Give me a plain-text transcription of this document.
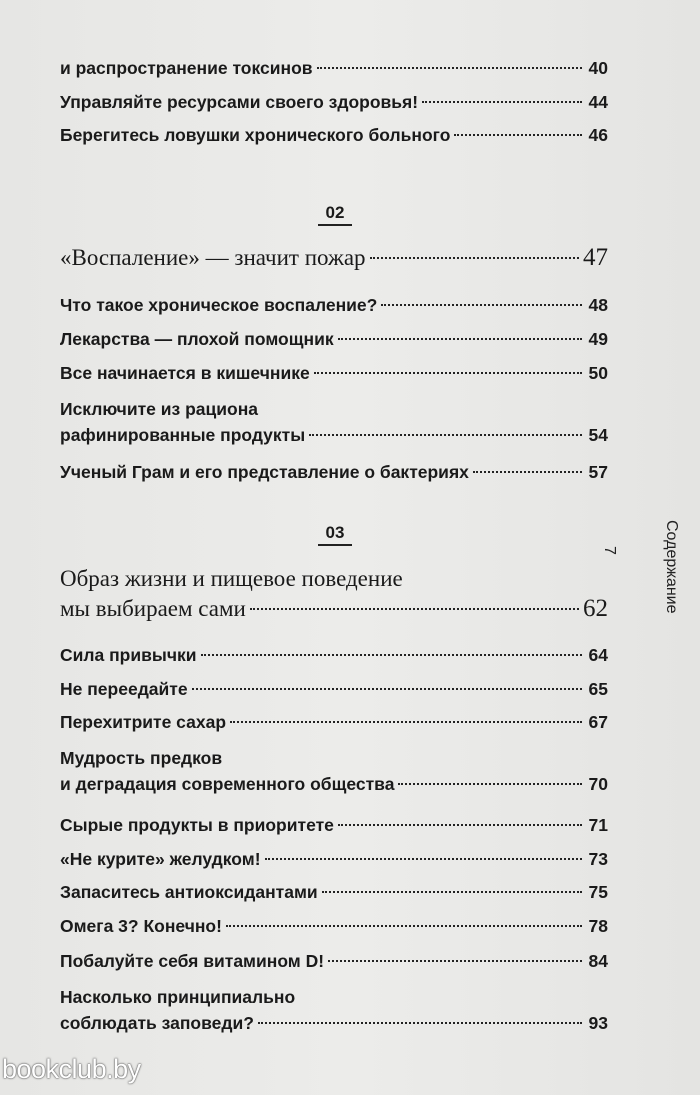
и распространение токсинов	40
Управляйте ресурсами своего здоровья!	44
Берегитесь ловушки хронического больного	46
02
«Воспаление» — значит пожар	47
Что такое хроническое воспаление?	48
Лекарства — плохой помощник	49
Все начинается в кишечнике	50
Исключите из рациона
рафинированные продукты	54
Ученый Грам и его представление о бактериях	57
03
Образ жизни и пищевое поведение
мы выбираем сами	62
Сила привычки	64
Не переедайте	65
Перехитрите сахар	67
Мудрость предков
и деградация современного общества	70
Сырые продукты в приоритете	71
«Не курите» желудком!	73
Запаситесь антиоксидантами	75
Омега 3? Конечно!	78
Побалуйте себя витамином D!	84
Насколько принципиально
соблюдать заповеди?	93
Содержание
7
bookclub.by
